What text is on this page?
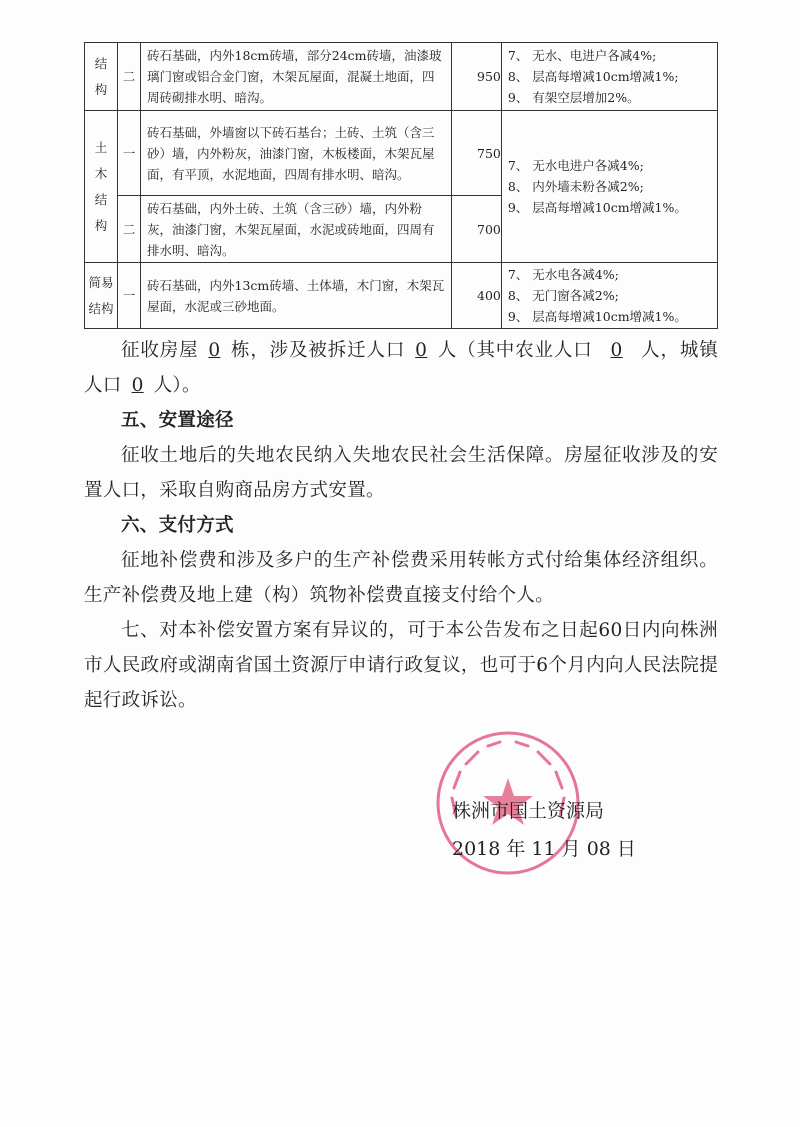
结构	二	砖石基础，内外18cm砖墙，部分24cm砖墙，油漆玻璃门窗或铝合金门窗，木架瓦屋面，混凝土地面，四周砖砌排水明、暗沟。	950	7、 无水、电进户各减4%;
8、 层高每增减10cm增减1%;
9、 有架空层增加2%。

土木结构	一	砖石基础，外墙窗以下砖石基台；土砖、土筑（含三砂）墙，内外粉灰，油漆门窗，木板楼面，木架瓦屋面，有平顶，水泥地面，四周有排水明、暗沟。	750	7、 无水电进户各减4%;
8、 内外墙未粉各减2%;
9、 层高每增减10cm增减1%。

	二	砖石基础，内外土砖、土筑（含三砂）墙，内外粉灰，油漆门窗，木架瓦屋面，水泥或砖地面，四周有排水明、暗沟。	700	
简易结构	一	砖石基础，内外13cm砖墙、土体墙，木门窗，木架瓦屋面，水泥或三砂地面。	400	7、 无水电各减4%;
8、 无门窗各减2%;
9、 层高每增减10cm增减1%。
征收房屋 0 栋，涉及被拆迁人口 0 人（其中农业人口 0 人，城镇人口 0 人）。
五、安置途径
征收土地后的失地农民纳入失地农民社会生活保障。房屋征收涉及的安置人口，采取自购商品房方式安置。
六、支付方式
征地补偿费和涉及多户的生产补偿费采用转帐方式付给集体经济组织。生产补偿费及地上建（构）筑物补偿费直接支付给个人。
七、对本补偿安置方案有异议的，可于本公告发布之日起60日内向株洲市人民政府或湖南省国土资源厅申请行政复议，也可于6个月内向人民法院提起行政诉讼。
株洲市国土资源局
2018 年 11 月 08 日
